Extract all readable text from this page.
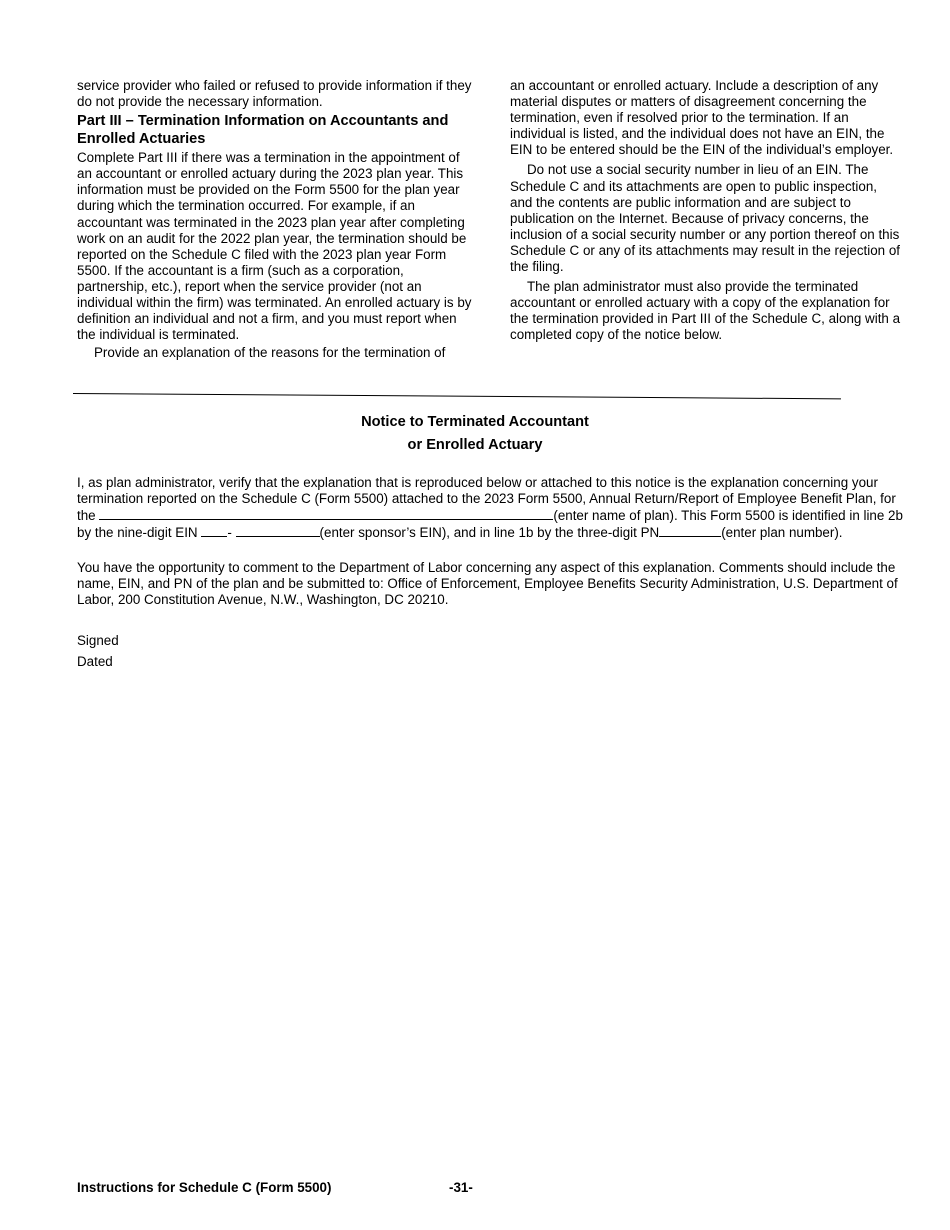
service provider who failed or refused to provide information if they do not provide the necessary information.

Part III – Termination Information on Accountants and Enrolled Actuaries

Complete Part III if there was a termination in the appointment of an accountant or enrolled actuary during the 2023 plan year. This information must be provided on the Form 5500 for the plan year during which the termination occurred. For example, if an accountant was terminated in the 2023 plan year after completing work on an audit for the 2022 plan year, the termination should be reported on the Schedule C filed with the 2023 plan year Form 5500. If the accountant is a firm (such as a corporation, partnership, etc.), report when the service provider (not an individual within the firm) was terminated. An enrolled actuary is by definition an individual and not a firm, and you must report when the individual is terminated.

Provide an explanation of the reasons for the termination of

an accountant or enrolled actuary. Include a description of any material disputes or matters of disagreement concerning the termination, even if resolved prior to the termination. If an individual is listed, and the individual does not have an EIN, the EIN to be entered should be the EIN of the individual’s employer.

Do not use a social security number in lieu of an EIN. The Schedule C and its attachments are open to public inspection, and the contents are public information and are subject to publication on the Internet. Because of privacy concerns, the inclusion of a social security number or any portion thereof on this Schedule C or any of its attachments may result in the rejection of the filing.

The plan administrator must also provide the terminated accountant or enrolled actuary with a copy of the explanation for the termination provided in Part III of the Schedule C, along with a completed copy of the notice below.

Notice to Terminated Accountant
or Enrolled Actuary

I, as plan administrator, verify that the explanation that is reproduced below or attached to this notice is the explanation concerning your termination reported on the Schedule C (Form 5500) attached to the 2023 Form 5500, Annual Return/Report of Employee Benefit Plan, for the	(enter name of plan). This Form 5500 is identified in line 2b by the nine-digit EIN -	(enter sponsor’s EIN), and in line 1b by the three-digit PN	(enter plan number).

You have the opportunity to comment to the Department of Labor concerning any aspect of this explanation. Comments should include the name, EIN, and PN of the plan and be submitted to: Office of Enforcement, Employee Benefits Security Administration, U.S. Department of Labor, 200 Constitution Avenue, N.W., Washington, DC 20210.

Signed
Dated
Instructions for Schedule C (Form 5500)	-31-
